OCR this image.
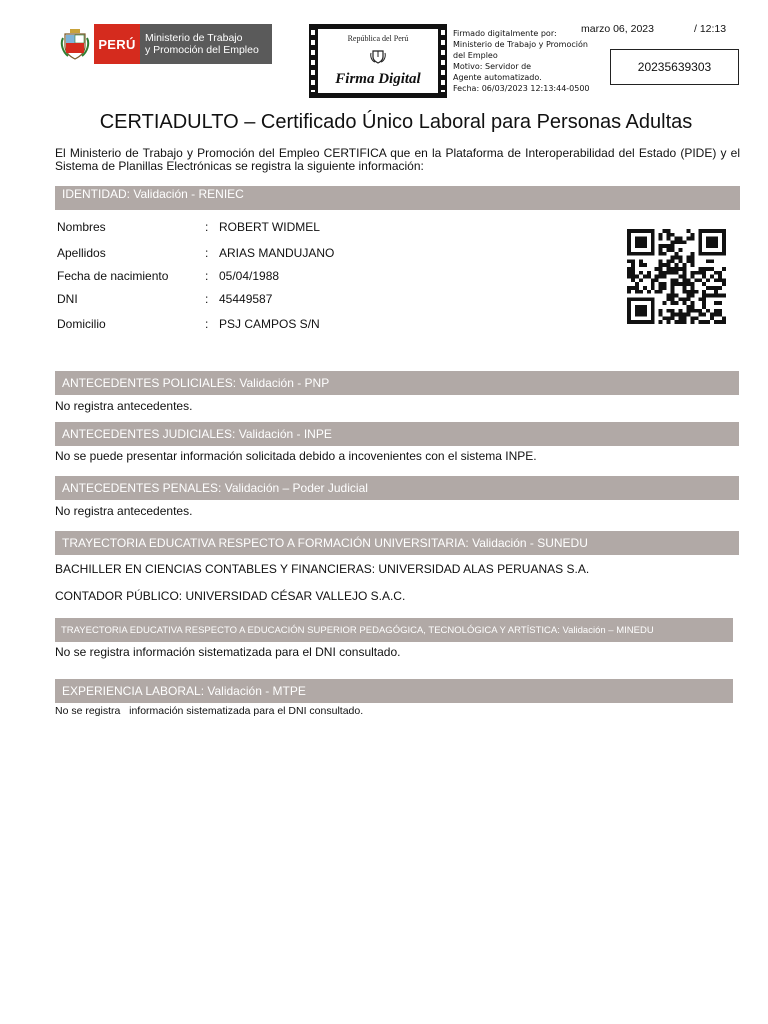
PERÚ Ministerio de Trabajo
y Promoción del Empleo
República del Perú
Firma Digital
Firmado digitalmente por:
Ministerio de Trabajo y Promoción
del Empleo
Motivo: Servidor de
Agente automatizado.
Fecha: 06/03/2023 12:13:44-0500
marzo 06, 2023	/ 12:13
20235639303
CERTIADULTO – Certificado Único Laboral para Personas Adultas
El Ministerio de Trabajo y Promoción del Empleo CERTIFICA que en la Plataforma de Interoperabilidad del Estado (PIDE) y el Sistema de Planillas Electrónicas se registra la siguiente información:
IDENTIDAD: Validación - RENIEC
Nombres	: ROBERT WIDMEL
Apellidos	: ARIAS MANDUJANO
Fecha de nacimiento	: 05/04/1988
DNI	: 45449587
Domicilio	: PSJ CAMPOS S/N
ANTECEDENTES POLICIALES: Validación - PNP
No registra antecedentes.
ANTECEDENTES JUDICIALES: Validación - INPE
No se puede presentar información solicitada debido a incovenientes con el sistema INPE.
ANTECEDENTES PENALES: Validación – Poder Judicial
No registra antecedentes.
TRAYECTORIA EDUCATIVA RESPECTO A FORMACIÓN UNIVERSITARIA: Validación - SUNEDU
BACHILLER EN CIENCIAS CONTABLES Y FINANCIERAS: UNIVERSIDAD ALAS PERUANAS S.A.
CONTADOR PÚBLICO: UNIVERSIDAD CÉSAR VALLEJO S.A.C.
TRAYECTORIA EDUCATIVA RESPECTO A EDUCACIÓN SUPERIOR PEDAGÓGICA, TECNOLÓGICA Y ARTÍSTICA: Validación – MINEDU
No se registra información sistematizada para el DNI consultado.
EXPERIENCIA LABORAL: Validación - MTPE
No se registra   información sistematizada para el DNI consultado.
